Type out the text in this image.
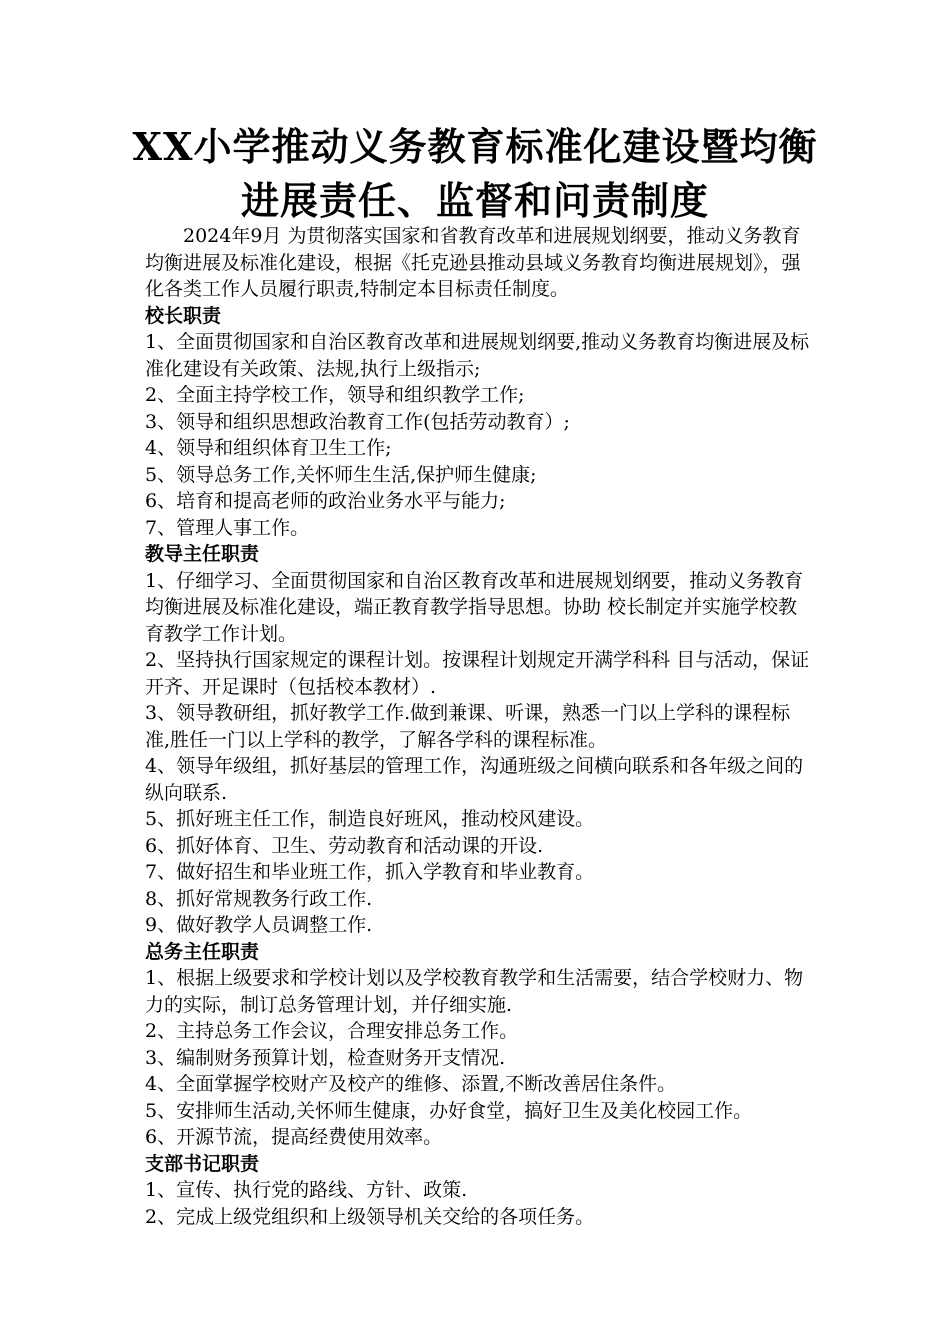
XX小学推动义务教育标准化建设暨均衡
进展责任、监督和问责制度

2024年9月 为贯彻落实国家和省教育改革和进展规划纲要，推动义务教育均衡进展及标准化建设，根据《托克逊县推动县域义务教育均衡进展规划》，强化各类工作人员履行职责,特制定本目标责任制度。

校长职责

1、全面贯彻国家和自治区教育改革和进展规划纲要,推动义务教育均衡进展及标准化建设有关政策、法规,执行上级指示;

2、全面主持学校工作，领导和组织教学工作;

3、领导和组织思想政治教育工作(包括劳动教育）;

4、领导和组织体育卫生工作;

5、领导总务工作,关怀师生生活,保护师生健康;

6、培育和提高老师的政治业务水平与能力;

7、管理人事工作。

教导主任职责

1、仔细学习、全面贯彻国家和自治区教育改革和进展规划纲要，推动义务教育均衡进展及标准化建设，端正教育教学指导思想。协助 校长制定并实施学校教育教学工作计划。

2、坚持执行国家规定的课程计划。按课程计划规定开满学科科 目与活动，保证开齐、开足课时（包括校本教材）.

3、领导教研组，抓好教学工作.做到兼课、听课，熟悉一门以上学科的课程标准,胜任一门以上学科的教学，了解各学科的课程标准。

4、领导年级组，抓好基层的管理工作，沟通班级之间横向联系和各年级之间的纵向联系.

5、抓好班主任工作，制造良好班风，推动校风建设。

6、抓好体育、卫生、劳动教育和活动课的开设.

7、做好招生和毕业班工作，抓入学教育和毕业教育。

8、抓好常规教务行政工作.

9、做好教学人员调整工作.

总务主任职责

1、根据上级要求和学校计划以及学校教育教学和生活需要，结合学校财力、物力的实际，制订总务管理计划，并仔细实施.

2、主持总务工作会议，合理安排总务工作。

3、编制财务预算计划，检查财务开支情况.

4、全面掌握学校财产及校产的维修、添置,不断改善居住条件。

5、安排师生活动,关怀师生健康，办好食堂，搞好卫生及美化校园工作。

6、开源节流，提高经费使用效率。

支部书记职责

1、宣传、执行党的路线、方针、政策.

2、完成上级党组织和上级领导机关交给的各项任务。
